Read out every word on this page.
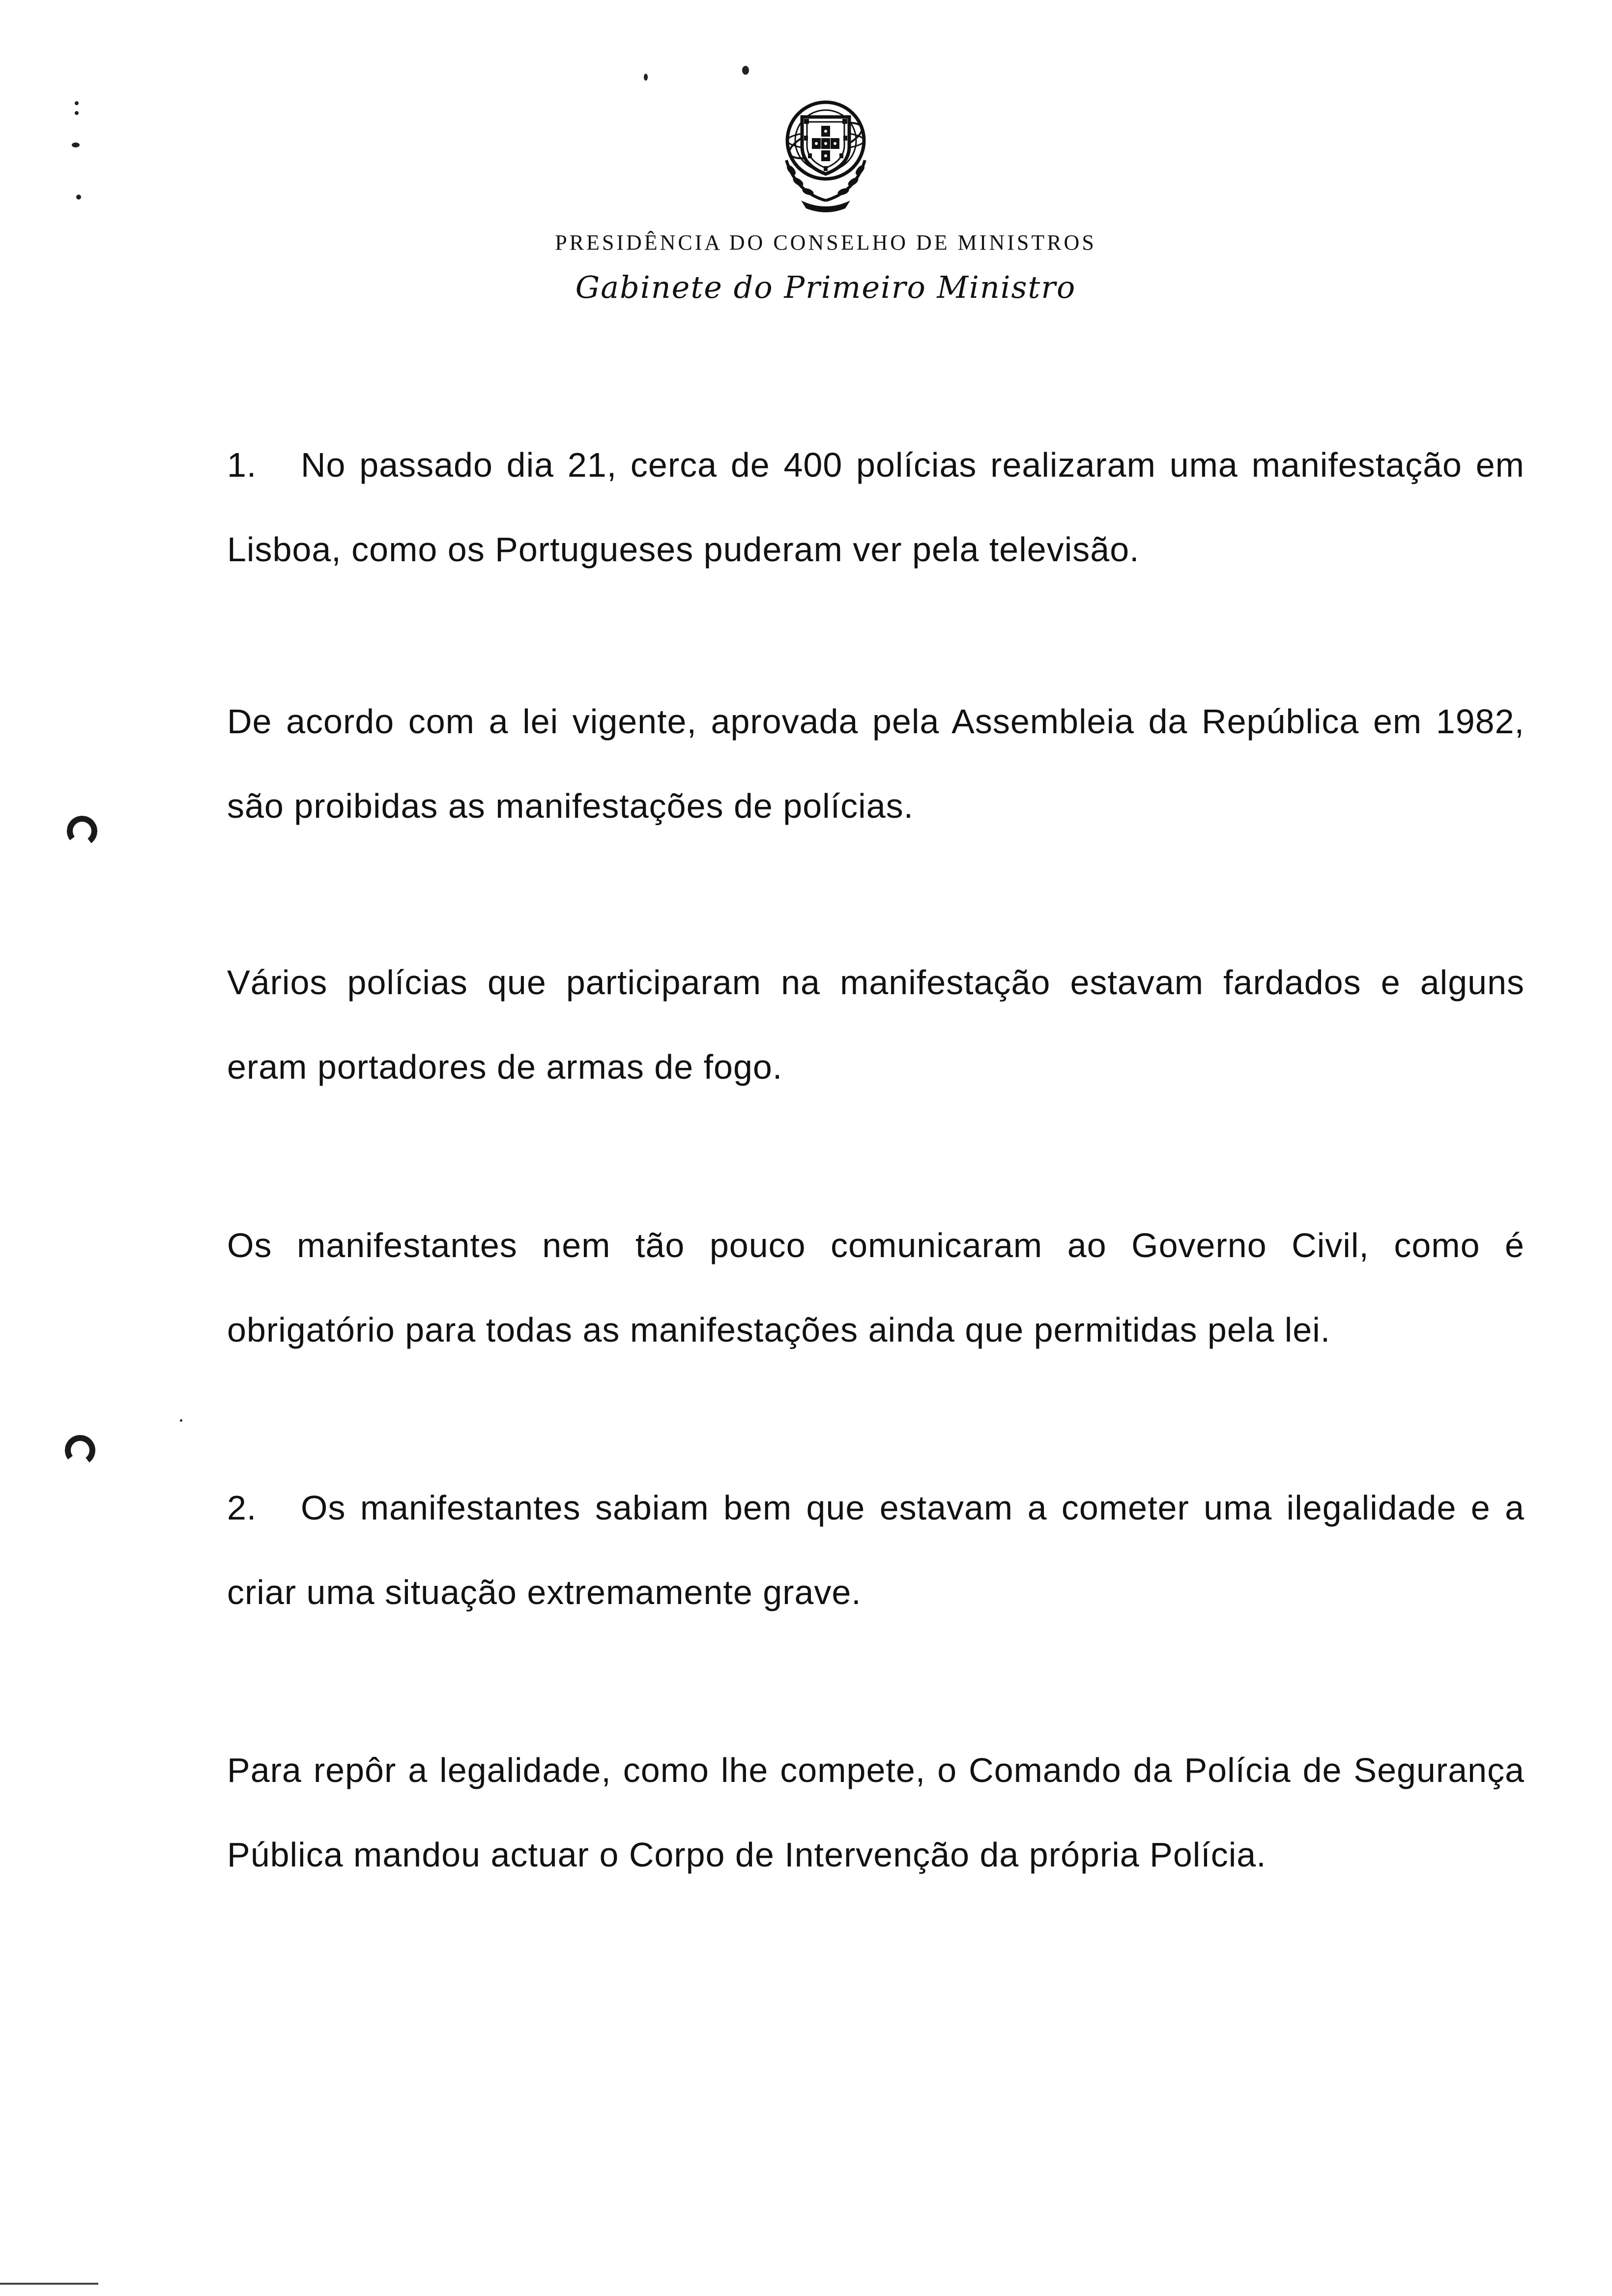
PRESIDÊNCIA DO CONSELHO DE MINISTROS
Gabinete do Primeiro Ministro

1. No passado dia 21, cerca de 400 polícias realizaram uma manifestação em Lisboa, como os Portugueses puderam ver pela televisão.

De acordo com a lei vigente, aprovada pela Assembleia da República em 1982, são proibidas as manifestações de polícias.

Vários polícias que participaram na manifestação estavam fardados e alguns eram portadores de armas de fogo.

Os manifestantes nem tão pouco comunicaram ao Governo Civil, como é obrigatório para todas as manifestações ainda que permitidas pela lei.

2. Os manifestantes sabiam bem que estavam a cometer uma ilegalidade e a criar uma situação extremamente grave.

Para repôr a legalidade, como lhe compete, o Comando da Polícia de Segurança Pública mandou actuar o Corpo de Intervenção da própria Polícia.
